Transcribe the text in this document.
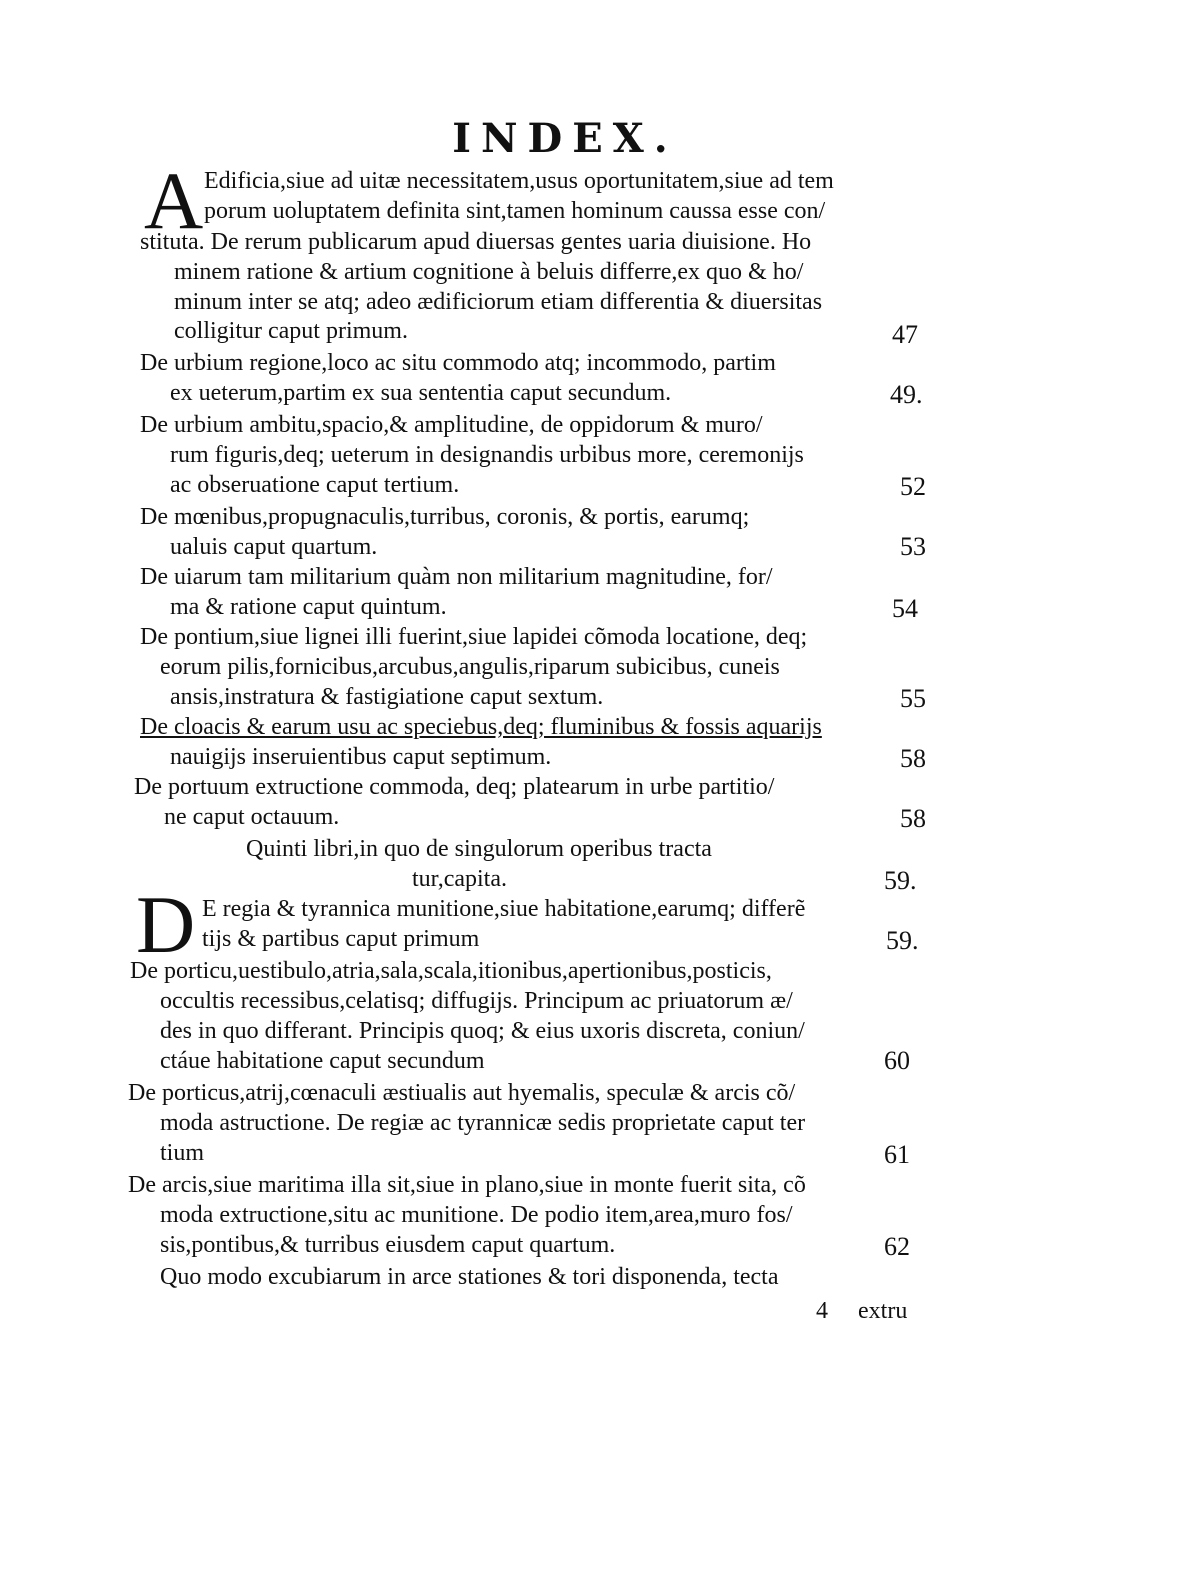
INDEX.
A Edificia,siue ad uitæ necessitatem,usus oportunitatem,siue ad tem
porum uoluptatem definita sint,tamen hominum caussa esse con/
stituta. De rerum publicarum apud diuersas gentes uaria diuisione. Ho
minem ratione & artium cognitione à beluis differre,ex quo & ho/
minum inter se atq; adeo ædificiorum etiam differentia & diuersitas
colligitur caput primum.	47
De urbium regione,loco ac situ commodo atq; incommodo, partim
ex ueterum,partim ex sua sententia caput secundum.	49.
De urbium ambitu,spacio,& amplitudine, de oppidorum & muro/
rum figuris,deq; ueterum in designandis urbibus more, ceremonijs
ac obseruatione caput tertium.	52
De mœnibus,propugnaculis,turribus, coronis, & portis, earumq;
ualuis caput quartum.	53
De uiarum tam militarium quàm non militarium magnitudine, for/
ma & ratione caput quintum.	54
De pontium,siue lignei illi fuerint,siue lapidei cõmoda locatione, deq;
eorum pilis,fornicibus,arcubus,angulis,riparum subicibus, cuneis
ansis,instratura & fastigiatione caput sextum.	55
De cloacis & earum usu ac speciebus,deq; fluminibus & fossis aquarijs
nauigijs inseruientibus caput septimum.	58
De portuum extructione commoda, deq; platearum in urbe partitio/
ne caput octauum.	58
Quinti libri,in quo de singulorum operibus tracta
tur,capita.	59.
D E regia & tyrannica munitione,siue habitatione,earumq; differẽ
tijs & partibus caput primum	59.
De porticu,uestibulo,atria,sala,scala,itionibus,apertionibus,posticis,
occultis recessibus,celatisq; diffugijs. Principum ac priuatorum æ/
des in quo differant. Principis quoq; & eius uxoris discreta, coniun/
ctáue habitatione caput secundum	60
De porticus,atrij,cœnaculi æstiualis aut hyemalis, speculæ & arcis cõ/
moda astructione. De regiæ ac tyrannicæ sedis proprietate caput ter
tium	61
De arcis,siue maritima illa sit,siue in plano,siue in monte fuerit sita, cõ
moda extructione,situ ac munitione. De podio item,area,muro fos/
sis,pontibus,& turribus eiusdem caput quartum.	62
Quo modo excubiarum in arce stationes & tori disponenda, tecta
4 extru
